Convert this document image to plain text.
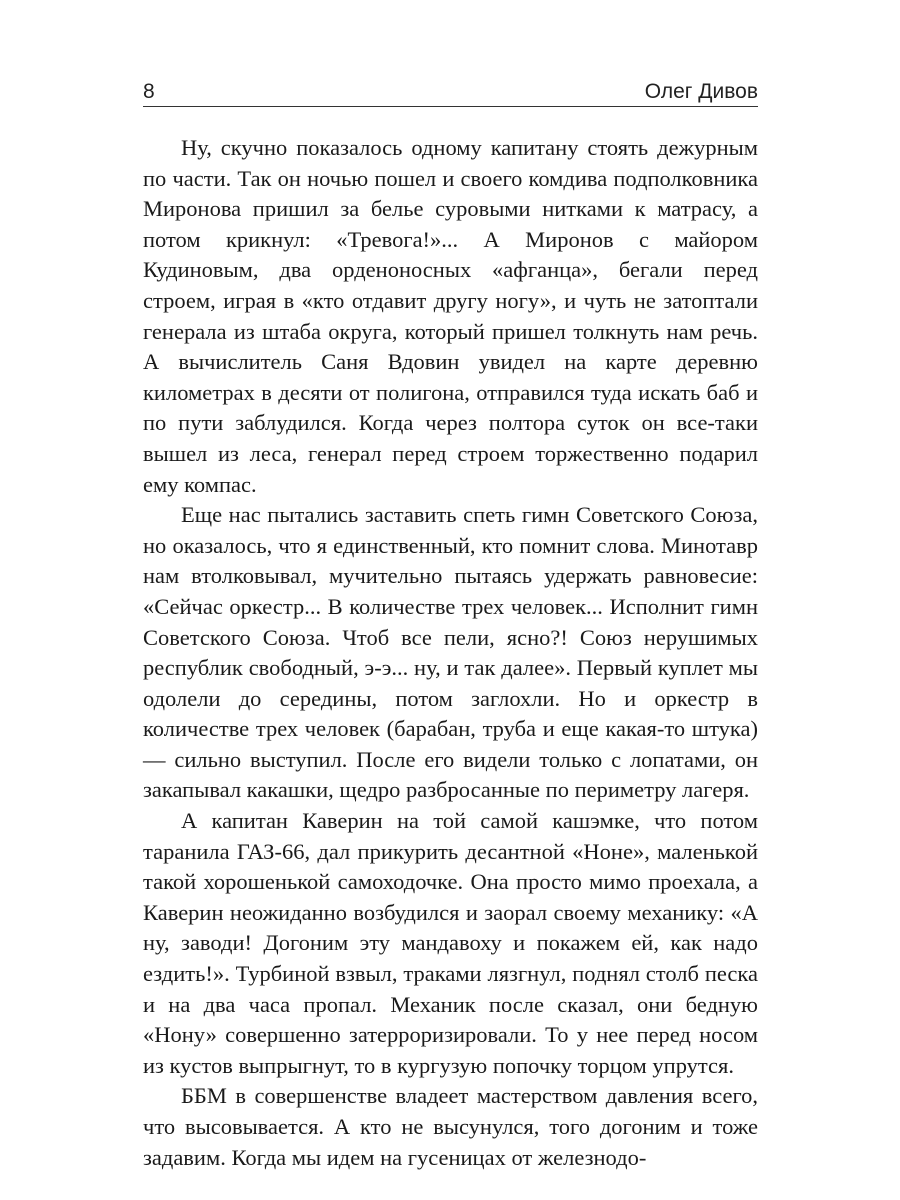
8	Олег Дивов

Ну, скучно показалось одному капитану стоять дежурным по части. Так он ночью пошел и своего комдива подполковника Миронова пришил за белье суровыми нитками к матрасу, а потом крикнул: «Тревога!»... А Миронов с майором Кудиновым, два орденоносных «афганца», бегали перед строем, играя в «кто отдавит другу ногу», и чуть не затоптали генерала из штаба округа, который пришел толкнуть нам речь. А вычислитель Саня Вдовин увидел на карте деревню километрах в десяти от полигона, отправился туда искать баб и по пути заблудился. Когда через полтора суток он все-таки вышел из леса, генерал перед строем торжественно подарил ему компас.

Еще нас пытались заставить спеть гимн Советского Союза, но оказалось, что я единственный, кто помнит слова. Минотавр нам втолковывал, мучительно пытаясь удержать равновесие: «Сейчас оркестр... В количестве трех человек... Исполнит гимн Советского Союза. Чтоб все пели, ясно?! Союз нерушимых республик свободный, э-э... ну, и так далее». Первый куплет мы одолели до середины, потом заглохли. Но и оркестр в количестве трех человек (барабан, труба и еще какая-то штука) — сильно выступил. После его видели только с лопатами, он закапывал какашки, щедро разбросанные по периметру лагеря.

А капитан Каверин на той самой кашэмке, что потом таранила ГАЗ-66, дал прикурить десантной «Ноне», маленькой такой хорошенькой самоходочке. Она просто мимо проехала, а Каверин неожиданно возбудился и заорал своему механику: «А ну, заводи! Догоним эту мандавоху и покажем ей, как надо ездить!». Турбиной взвыл, траками лязгнул, поднял столб песка и на два часа пропал. Механик после сказал, они бедную «Нону» совершенно затерроризировали. То у нее перед носом из кустов выпрыгнут, то в кургузую попочку торцом упрутся.

ББМ в совершенстве владеет мастерством давления всего, что высовывается. А кто не высунулся, того догоним и тоже задавим. Когда мы идем на гусеницах от железнодо-
